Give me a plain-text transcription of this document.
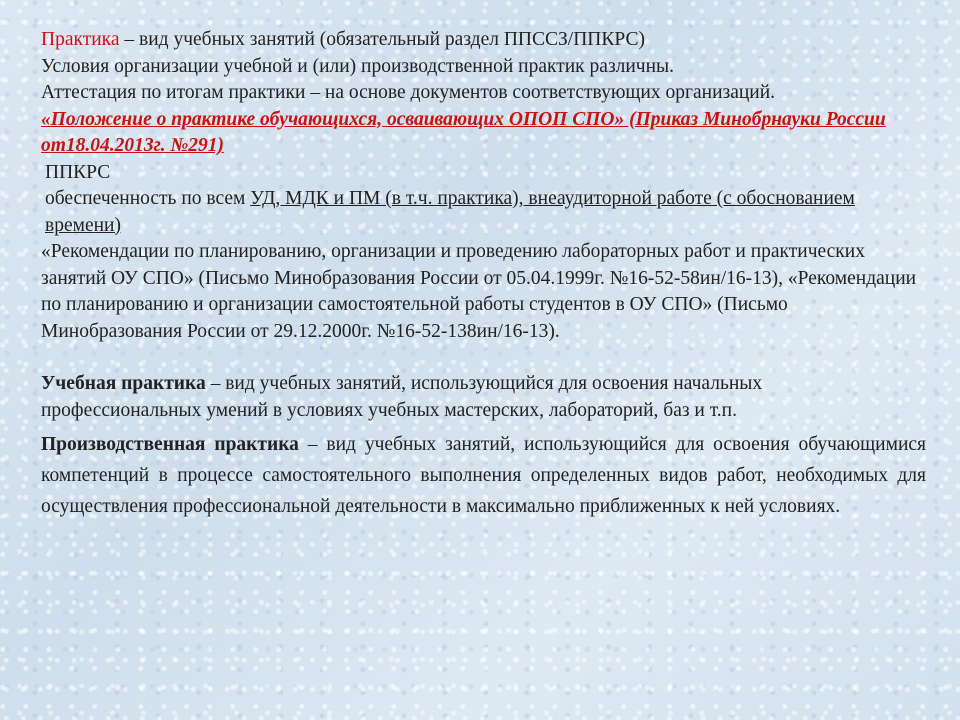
Практика – вид учебных занятий (обязательный раздел ППССЗ/ППКРС)

Условия организации учебной и (или) производственной практик различны.

Аттестация по итогам практики – на основе документов соответствующих организаций.

«Положение о практике обучающихся, осваивающих ОПОП СПО» (Приказ Минобрнауки России от18.04.2013г. №291)

ППКРС

обеспеченность по всем УД, МДК и ПМ (в т.ч. практика), внеаудиторной работе (с обоснованием времени)

«Рекомендации по планированию, организации и проведению лабораторных работ и практических занятий ОУ СПО» (Письмо Минобразования России от 05.04.1999г. №16-52-58ин/16-13), «Рекомендации по планированию и организации самостоятельной работы студентов в ОУ СПО» (Письмо Минобразования России от 29.12.2000г. №16-52-138ин/16-13).

Учебная практика – вид учебных занятий, использующийся для освоения начальных профессиональных умений в условиях учебных мастерских, лабораторий, баз и т.п.

Производственная практика – вид учебных занятий, использующийся для освоения обучающимися компетенций в процессе самостоятельного выполнения определенных видов работ, необходимых для осуществления профессиональной деятельности в максимально приближенных к ней условиях.
